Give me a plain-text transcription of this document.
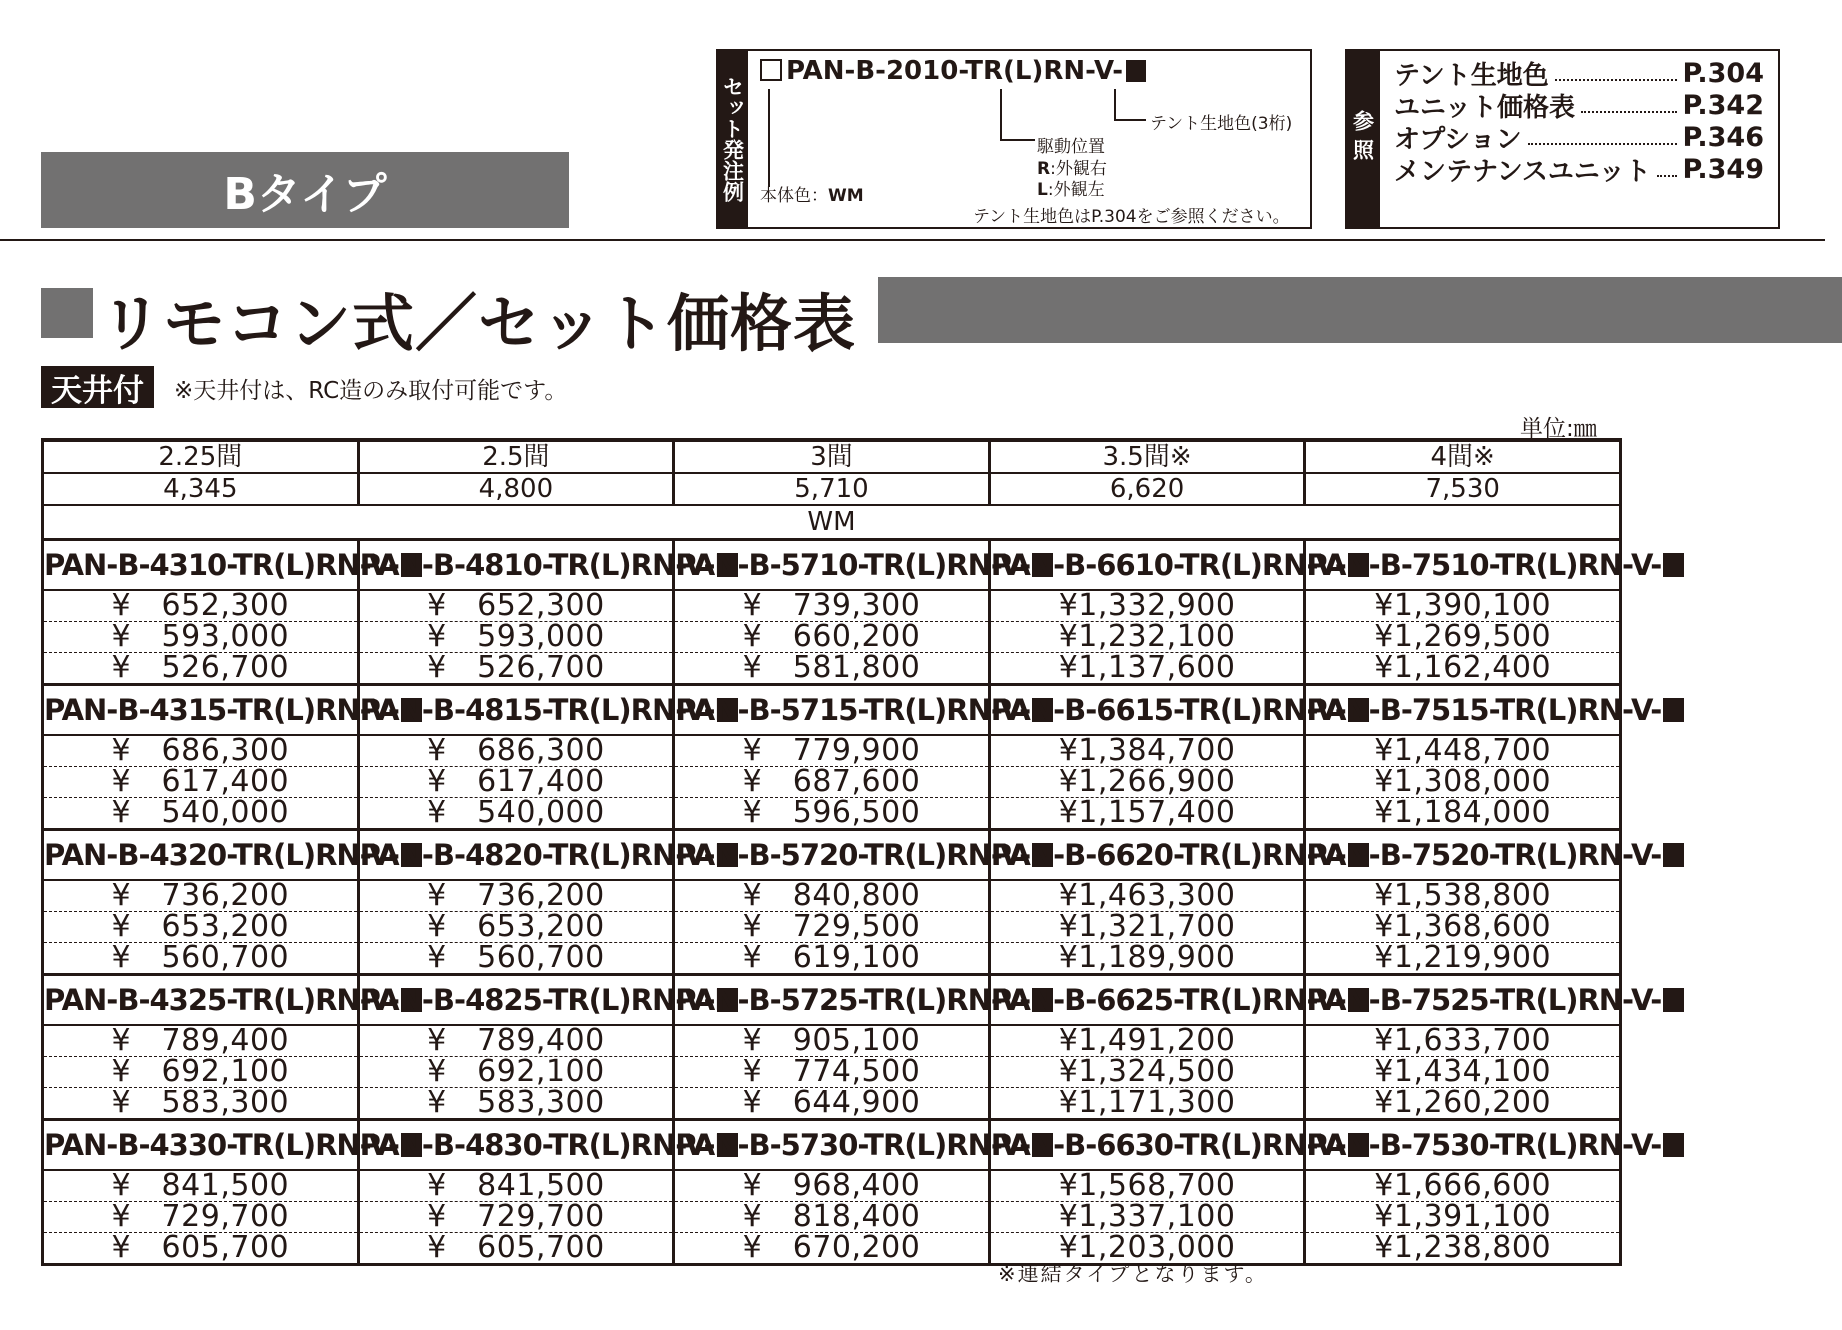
Bタイプ	セット発注例
PAN-B-2010-TR(L)RN-V-
テント生地色(3桁)
駆動位置
R:外観右
L:外観左
本体色：WM
テント生地色はP.304をご参照ください。
参照
テント生地色	P.304
ユニット価格表	P.342
オプション	P.346
メンテナンスユニット P.349
リモコン式／セット価格表
天井付	※天井付は、RC造のみ取付可能です。
単位:㎜
2.25間	2.5間	3間	3.5間※	4間※
4,345	4,800	5,710	6,620	7,530
WM				
PAN-B-4310-TR(L)RN-V-	PAN-B-4810-TR(L)RN-V-	PAN-B-5710-TR(L)RN-V-	PAN-B-6610-TR(L)RN-V-	PAN-B-7510-TR(L)RN-V-
¥　652,300	¥　652,300	¥　739,300	¥1,332,900	¥1,390,100
¥　593,000	¥　593,000	¥　660,200	¥1,232,100	¥1,269,500
¥　526,700	¥　526,700	¥　581,800	¥1,137,600	¥1,162,400
PAN-B-4315-TR(L)RN-V-	PAN-B-4815-TR(L)RN-V-	PAN-B-5715-TR(L)RN-V-	PAN-B-6615-TR(L)RN-V-	PAN-B-7515-TR(L)RN-V-
¥　686,300	¥　686,300	¥　779,900	¥1,384,700	¥1,448,700
¥　617,400	¥　617,400	¥　687,600	¥1,266,900	¥1,308,000
¥　540,000	¥　540,000	¥　596,500	¥1,157,400	¥1,184,000
PAN-B-4320-TR(L)RN-V-	PAN-B-4820-TR(L)RN-V-	PAN-B-5720-TR(L)RN-V-	PAN-B-6620-TR(L)RN-V-	PAN-B-7520-TR(L)RN-V-
¥　736,200	¥　736,200	¥　840,800	¥1,463,300	¥1,538,800
¥　653,200	¥　653,200	¥　729,500	¥1,321,700	¥1,368,600
¥　560,700	¥　560,700	¥　619,100	¥1,189,900	¥1,219,900
PAN-B-4325-TR(L)RN-V-	PAN-B-4825-TR(L)RN-V-	PAN-B-5725-TR(L)RN-V-	PAN-B-6625-TR(L)RN-V-	PAN-B-7525-TR(L)RN-V-
¥　789,400	¥　789,400	¥　905,100	¥1,491,200	¥1,633,700
¥　692,100	¥　692,100	¥　774,500	¥1,324,500	¥1,434,100
¥　583,300	¥　583,300	¥　644,900	¥1,171,300	¥1,260,200
PAN-B-4330-TR(L)RN-V-	PAN-B-4830-TR(L)RN-V-	PAN-B-5730-TR(L)RN-V-	PAN-B-6630-TR(L)RN-V-	PAN-B-7530-TR(L)RN-V-
¥　841,500	¥　841,500	¥　968,400	¥1,568,700	¥1,666,600
¥　729,700	¥　729,700	¥　818,400	¥1,337,100	¥1,391,100
¥　605,700	¥　605,700	¥　670,200	¥1,203,000	¥1,238,800
※連結タイプとなります。
